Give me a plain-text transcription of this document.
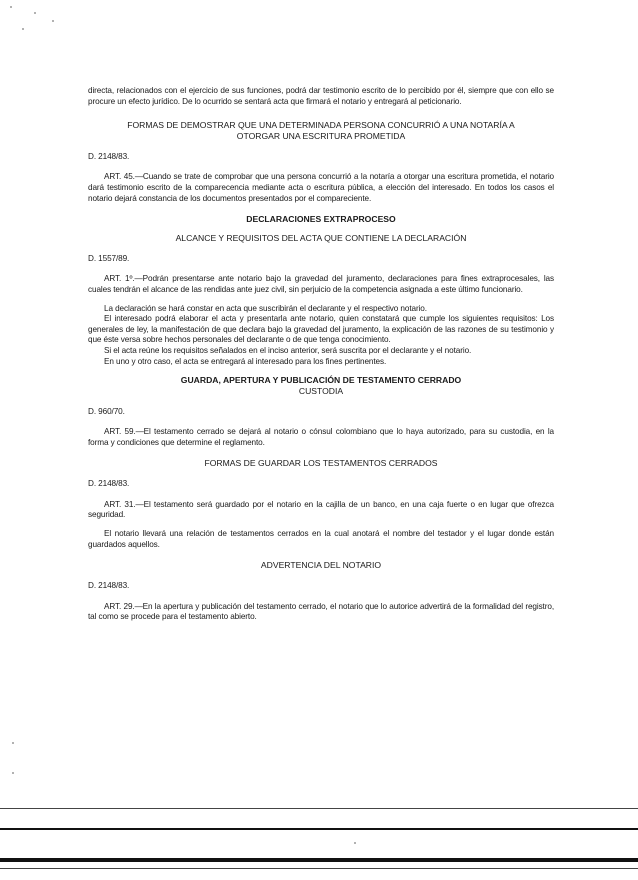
directa, relacionados con el ejercicio de sus funciones, podrá dar testimonio escrito de lo percibido por él, siempre que con ello se procure un efecto jurídico. De lo ocurrido se sentará acta que firmará el notario y entregará al peticionario.

FORMAS DE DEMOSTRAR QUE UNA DETERMINADA PERSONA CONCURRIÓ A UNA NOTARÍA A OTORGAR UNA ESCRITURA PROMETIDA

D. 2148/83.

ART. 45.—Cuando se trate de comprobar que una persona concurrió a la notaría a otorgar una escritura prometida, el notario dará testimonio escrito de la comparecencia mediante acta o escritura pública, a elección del interesado. En todos los casos el notario dejará constancia de los documentos presentados por el compareciente.

DECLARACIONES EXTRAPROCESO

ALCANCE Y REQUISITOS DEL ACTA QUE CONTIENE LA DECLARACIÓN

D. 1557/89.

ART. 1º.—Podrán presentarse ante notario bajo la gravedad del juramento, declaraciones para fines extraprocesales, las cuales tendrán el alcance de las rendidas ante juez civil, sin perjuicio de la competencia asignada a este último funcionario.

La declaración se hará constar en acta que suscribirán el declarante y el respectivo notario.

El interesado podrá elaborar el acta y presentarla ante notario, quien constatará que cumple los siguientes requisitos: Los generales de ley, la manifestación de que declara bajo la gravedad del juramento, la explicación de las razones de su testimonio y que éste versa sobre hechos personales del declarante o de que tenga conocimiento.

Si el acta reúne los requisitos señalados en el inciso anterior, será suscrita por el declarante y el notario.

En uno y otro caso, el acta se entregará al interesado para los fines pertinentes.

GUARDA, APERTURA Y PUBLICACIÓN DE TESTAMENTO CERRADO

CUSTODIA

D. 960/70.

ART. 59.—El testamento cerrado se dejará al notario o cónsul colombiano que lo haya autorizado, para su custodia, en la forma y condiciones que determine el reglamento.

FORMAS DE GUARDAR LOS TESTAMENTOS CERRADOS

D. 2148/83.

ART. 31.—El testamento será guardado por el notario en la cajilla de un banco, en una caja fuerte o en lugar que ofrezca seguridad.

El notario llevará una relación de testamentos cerrados en la cual anotará el nombre del testador y el lugar donde están guardados aquellos.

ADVERTENCIA DEL NOTARIO

D. 2148/83.

ART. 29.—En la apertura y publicación del testamento cerrado, el notario que lo autorice advertirá de la formalidad del registro, tal como se procede para el testamento abierto.
